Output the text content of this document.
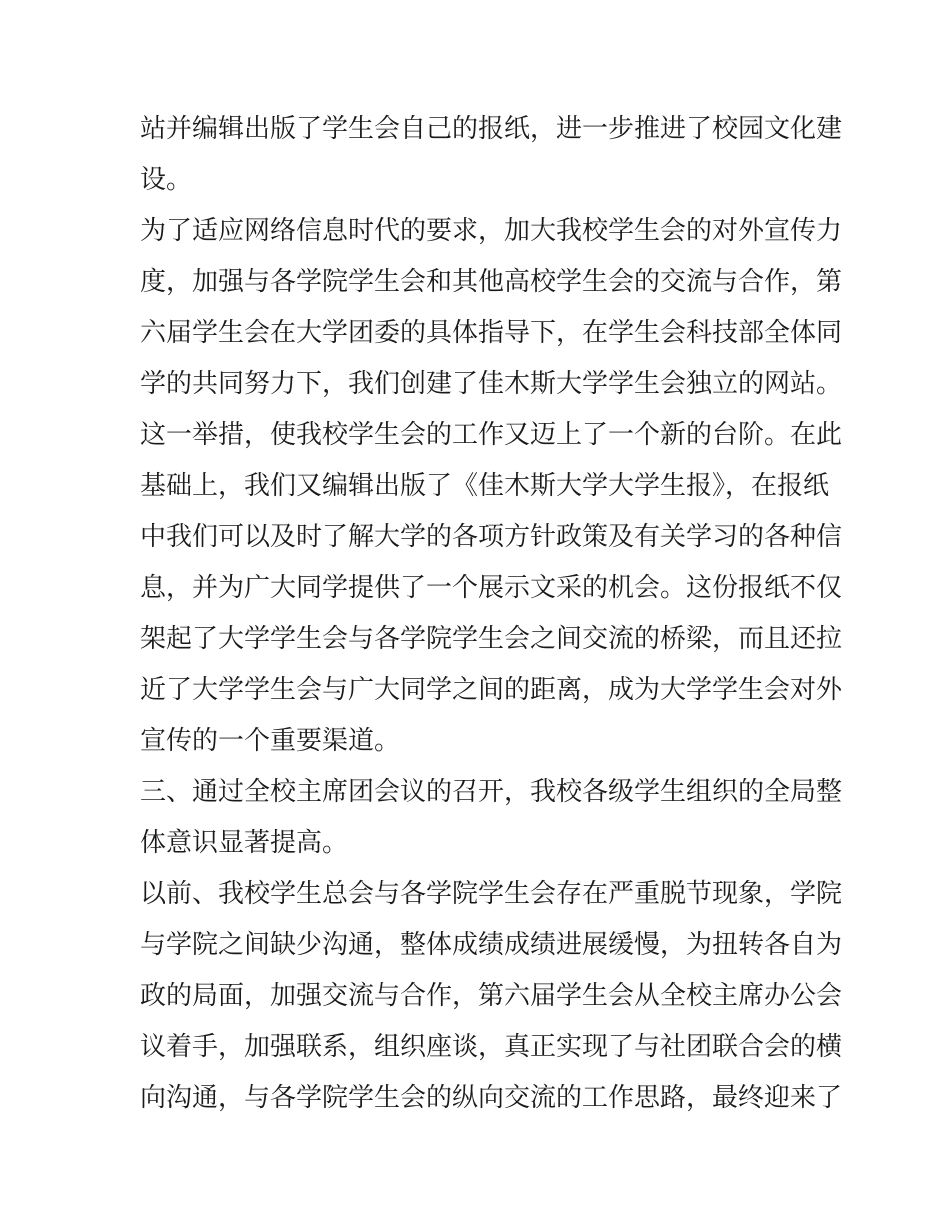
站并编辑出版了学生会自己的报纸，进一步推进了校园文化建
设。
为了适应网络信息时代的要求，加大我校学生会的对外宣传力
度，加强与各学院学生会和其他高校学生会的交流与合作，第
六届学生会在大学团委的具体指导下，在学生会科技部全体同
学的共同努力下，我们创建了佳木斯大学学生会独立的网站。
这一举措，使我校学生会的工作又迈上了一个新的台阶。在此
基础上，我们又编辑出版了《佳木斯大学大学生报》，在报纸
中我们可以及时了解大学的各项方针政策及有关学习的各种信
息，并为广大同学提供了一个展示文采的机会。这份报纸不仅
架起了大学学生会与各学院学生会之间交流的桥梁，而且还拉
近了大学学生会与广大同学之间的距离，成为大学学生会对外
宣传的一个重要渠道。
三、通过全校主席团会议的召开，我校各级学生组织的全局整
体意识显著提高。
以前、我校学生总会与各学院学生会存在严重脱节现象，学院
与学院之间缺少沟通，整体成绩成绩进展缓慢，为扭转各自为
政的局面，加强交流与合作，第六届学生会从全校主席办公会
议着手，加强联系，组织座谈，真正实现了与社团联合会的横
向沟通，与各学院学生会的纵向交流的工作思路，最终迎来了
